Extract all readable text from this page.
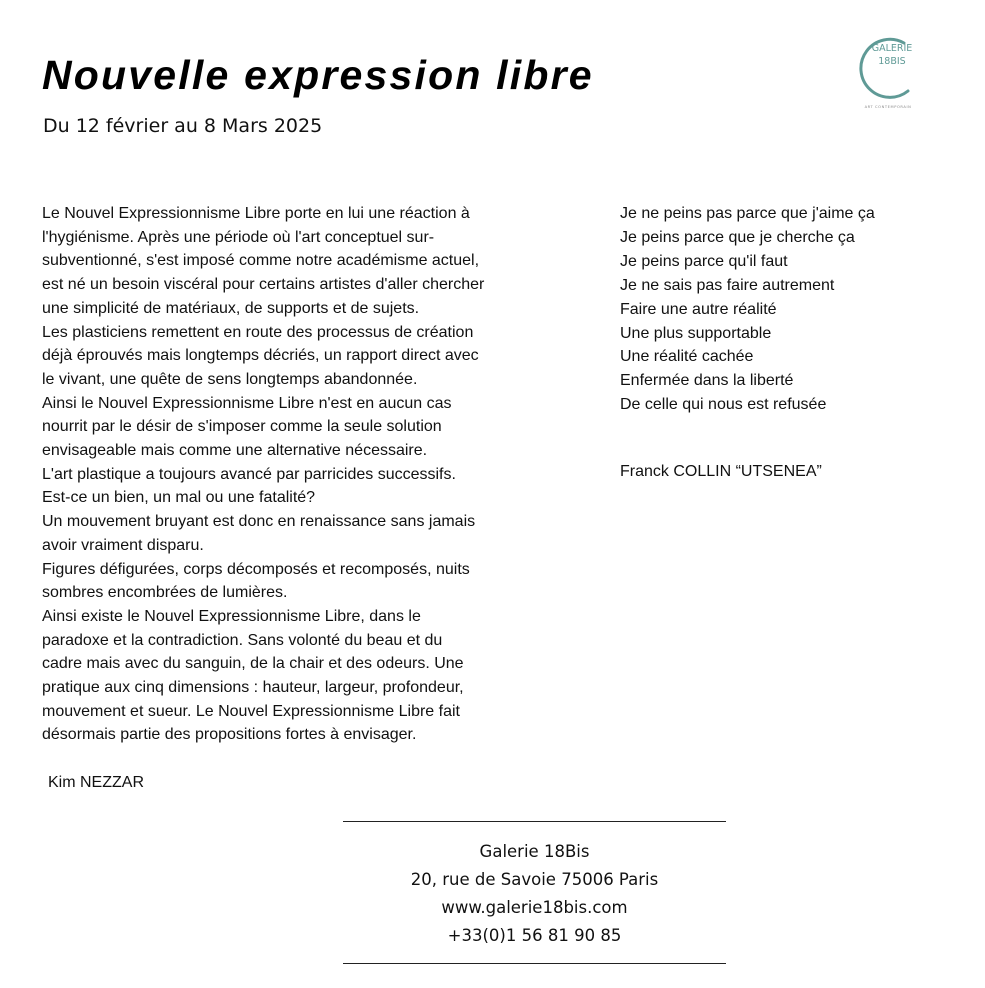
Nouvelle expression libre
Du 12 février au 8 Mars 2025
GALERIE
18BIS
ART CONTEMPORAIN

Le Nouvel Expressionnisme Libre porte en lui une réaction à

l'hygiénisme. Après une période où l'art conceptuel sur-

subventionné, s'est imposé comme notre académisme actuel,

est né un besoin viscéral pour certains artistes d'aller chercher

une simplicité de matériaux, de supports et de sujets.

Les plasticiens remettent en route des processus de création

déjà éprouvés mais longtemps décriés, un rapport direct avec

le vivant, une quête de sens longtemps abandonnée.

Ainsi le Nouvel Expressionnisme Libre n'est en aucun cas

nourrit par le désir de s'imposer comme la seule solution

envisageable mais comme une alternative nécessaire.

L'art plastique a toujours avancé par parricides successifs.

Est-ce un bien, un mal ou une fatalité?

Un mouvement bruyant est donc en renaissance sans jamais

avoir vraiment disparu.

Figures défigurées, corps décomposés et recomposés, nuits

sombres encombrées de lumières.

Ainsi existe le Nouvel Expressionnisme Libre, dans le

paradoxe et la contradiction. Sans volonté du beau et du

cadre mais avec du sanguin, de la chair et des odeurs. Une

pratique aux cinq dimensions : hauteur, largeur, profondeur,

mouvement et sueur. Le Nouvel Expressionnisme Libre fait

désormais partie des propositions fortes à envisager.

Kim NEZZAR

Je ne peins pas parce que j'aime ça

Je peins parce que je cherche ça

Je peins parce qu'il faut

Je ne sais pas faire autrement

Faire une autre réalité

Une plus supportable

Une réalité cachée

Enfermée dans la liberté

De celle qui nous est refusée

Franck COLLIN “UTSENEA”
Galerie 18Bis
20, rue de Savoie 75006 Paris
www.galerie18bis.com
+33(0)1 56 81 90 85
